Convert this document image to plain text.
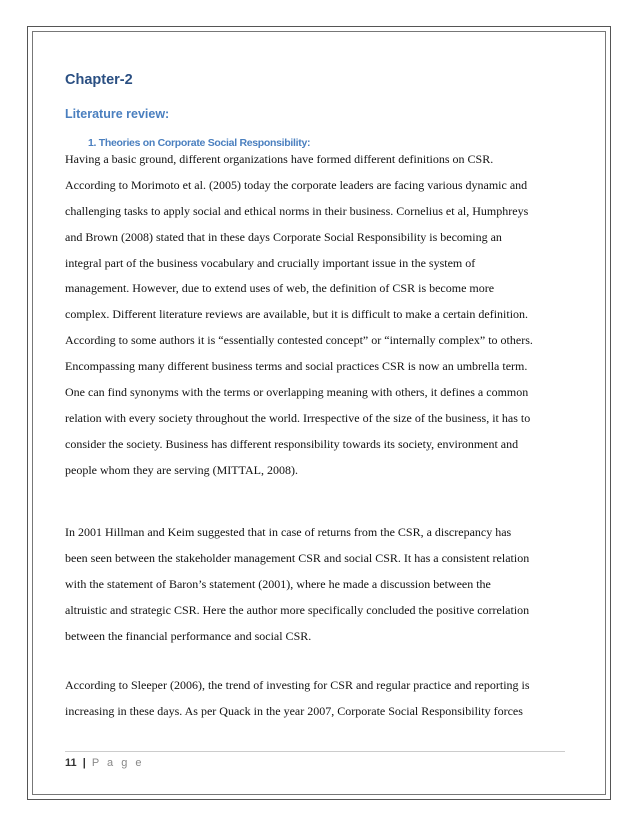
Chapter-2
Literature review:
1. Theories on Corporate Social Responsibility:
Having a basic ground, different organizations have formed different definitions on CSR.
According to Morimoto et al. (2005) today the corporate leaders are facing various dynamic and
challenging tasks to apply social and ethical norms in their business. Cornelius et al, Humphreys
and Brown (2008) stated that in these days Corporate Social Responsibility is becoming an
integral part of the business vocabulary and crucially important issue in the system of
management. However, due to extend uses of web, the definition of CSR is become more
complex. Different literature reviews are available, but it is difficult to make a certain definition.
According to some authors it is “essentially contested concept” or “internally complex” to others.
Encompassing many different business terms and social practices CSR is now an umbrella term.
One can find synonyms with the terms or overlapping meaning with others, it defines a common
relation with every society throughout the world. Irrespective of the size of the business, it has to
consider the society. Business has different responsibility towards its society, environment and
people whom they are serving (MITTAL, 2008).
In 2001 Hillman and Keim suggested that in case of returns from the CSR, a discrepancy has
been seen between the stakeholder management CSR and social CSR. It has a consistent relation
with the statement of Baron’s statement (2001), where he made a discussion between the
altruistic and strategic CSR. Here the author more specifically concluded the positive correlation
between the financial performance and social CSR.
According to Sleeper (2006), the trend of investing for CSR and regular practice and reporting is
increasing in these days. As per Quack in the year 2007, Corporate Social Responsibility forces
11 | P a g e
